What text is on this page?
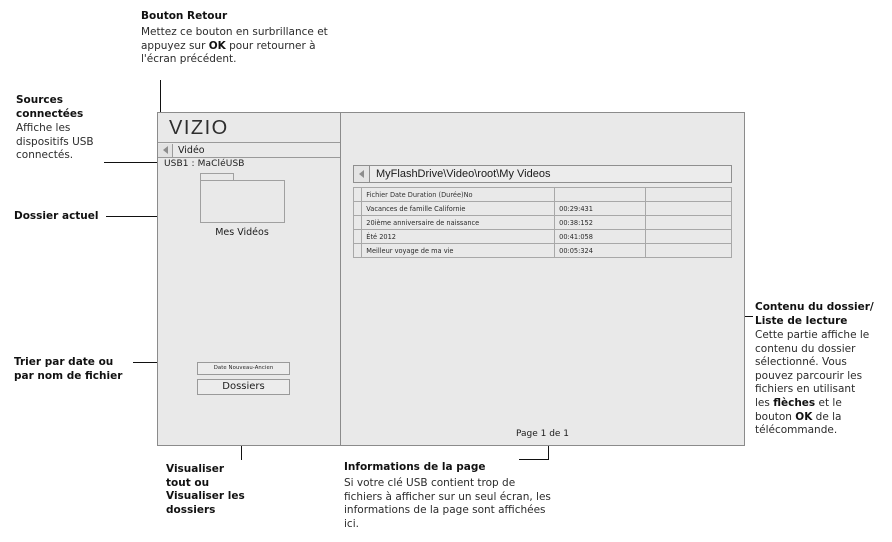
Bouton Retour
Mettez ce bouton en surbrillance et
appuyez sur OK pour retourner à
l'écran précédent.
Sources
connectées
Affiche les
dispositifs USB
connectés.
Dossier actuel
Trier par date ou
par nom de fichier
Visualiser
tout ou
Visualiser les
dossiers
Informations de la page
Si votre clé USB contient trop de
fichiers à afficher sur un seul écran, les
informations de la page sont affichées
ici.
Contenu du dossier/
Liste de lecture
Cette partie affiche le
contenu du dossier
sélectionné. Vous
pouvez parcourir les
fichiers en utilisant
les flèches et le
bouton OK de la
télécommande.
VIZIO
Vidéo
USB1 : MaCléUSB
Mes Vidéos
Date Nouveau-Ancien
Dossiers
MyFlashDrive\Video\root\My Videos
	Fichier Date Duration (Durée)No		
	Vacances de famille Californie	00:29:431	
	20ième anniversaire de naissance	00:38:152	
	Été 2012	00:41:058	
	Meilleur voyage de ma vie	00:05:324	
Page 1 de 1
